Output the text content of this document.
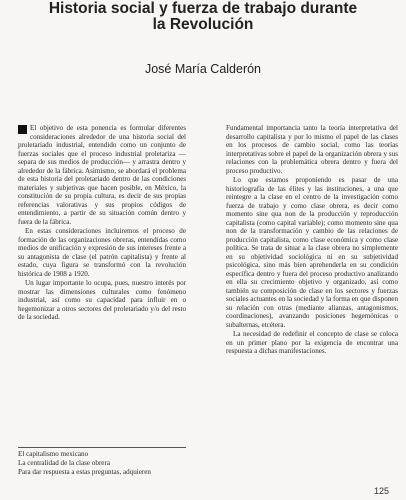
Historia social y fuerza de trabajo durante
la Revolución
José María Calderón

El objetivo de esta ponencia es formular diferentes consideraciones alrededor de una historia social del proletariado industrial, entendido como un conjunto de fuerzas sociales que el proceso industrial proletariza —separa de sus medios de producción— y arrastra dentro y alrededor de la fábrica. Asimismo, se abordará el problema de esta historia del proletariado dentro de las condiciones materiales y subjetivas que hacen posible, en México, la constitución de su propia cultura, es decir de sus propias referencias valorativas y sus propios códigos de entendimiento, a partir de su situación común dentro y fuera de la fábrica.

En estas consideraciones incluiremos el proceso de formación de las organizaciones obreras, entendidas como medios de unificación y expresión de sus intereses frente a su antagonista de clase (el patrón capitalista) y frente al estado, cuya figura se transformó con la revolución histórica de 1908 a 1920.

Un lugar importante lo ocupa, pues, nuestro interés por mostrar las dimensiones culturales como fenómeno industrial, así como su capacidad para influir en o hegemonizar a otros sectores del proletariado y/o del resto de la sociedad.

Fundamental importancia tanto la teoría interpretativa del desarrollo capitalista y por lo mismo el papel de las clases en los procesos de cambio social, como las teorías interpretativas sobre el papel de la organización obrera y sus relaciones con la problemática obrera dentro y fuera del proceso productivo.

Lo que estamos proponiendo es pasar de una historiografía de las élites y las instituciones, a una que reintegre a la clase en el centro de la investigación como fuerza de trabajo y como clase obrera, es decir como momento sine qua non de la producción y reproducción capitalista (como capital variable); como momento sine qua non de la transformación y cambio de las relaciones de producción capitalista, como clase económica y como clase política. Se trata de situar a la clase obrera no simplemente en su objetividad sociológica ni en su subjetividad psicológica, sino más bien aprehenderla en su condición específica dentro y fuera del proceso productivo analizando en ella su crecimiento objetivo y organizado, así como también su composición de clase en los sectores y fuerzas sociales actuantes en la sociedad y la forma en que disponen su relación con otras (mediante alianzas, antagonismos, coordinaciones), avanzando posiciones hegemónicas o subalternas, etcétera.

La necesidad de redefinir el concepto de clase se coloca en un primer plano por la exigencia de encontrar una respuesta a dichas manifestaciones.

El capitalismo mexicano

La centralidad de la clase obrera

Para dar respuesta a estas preguntas, adquieren

125
